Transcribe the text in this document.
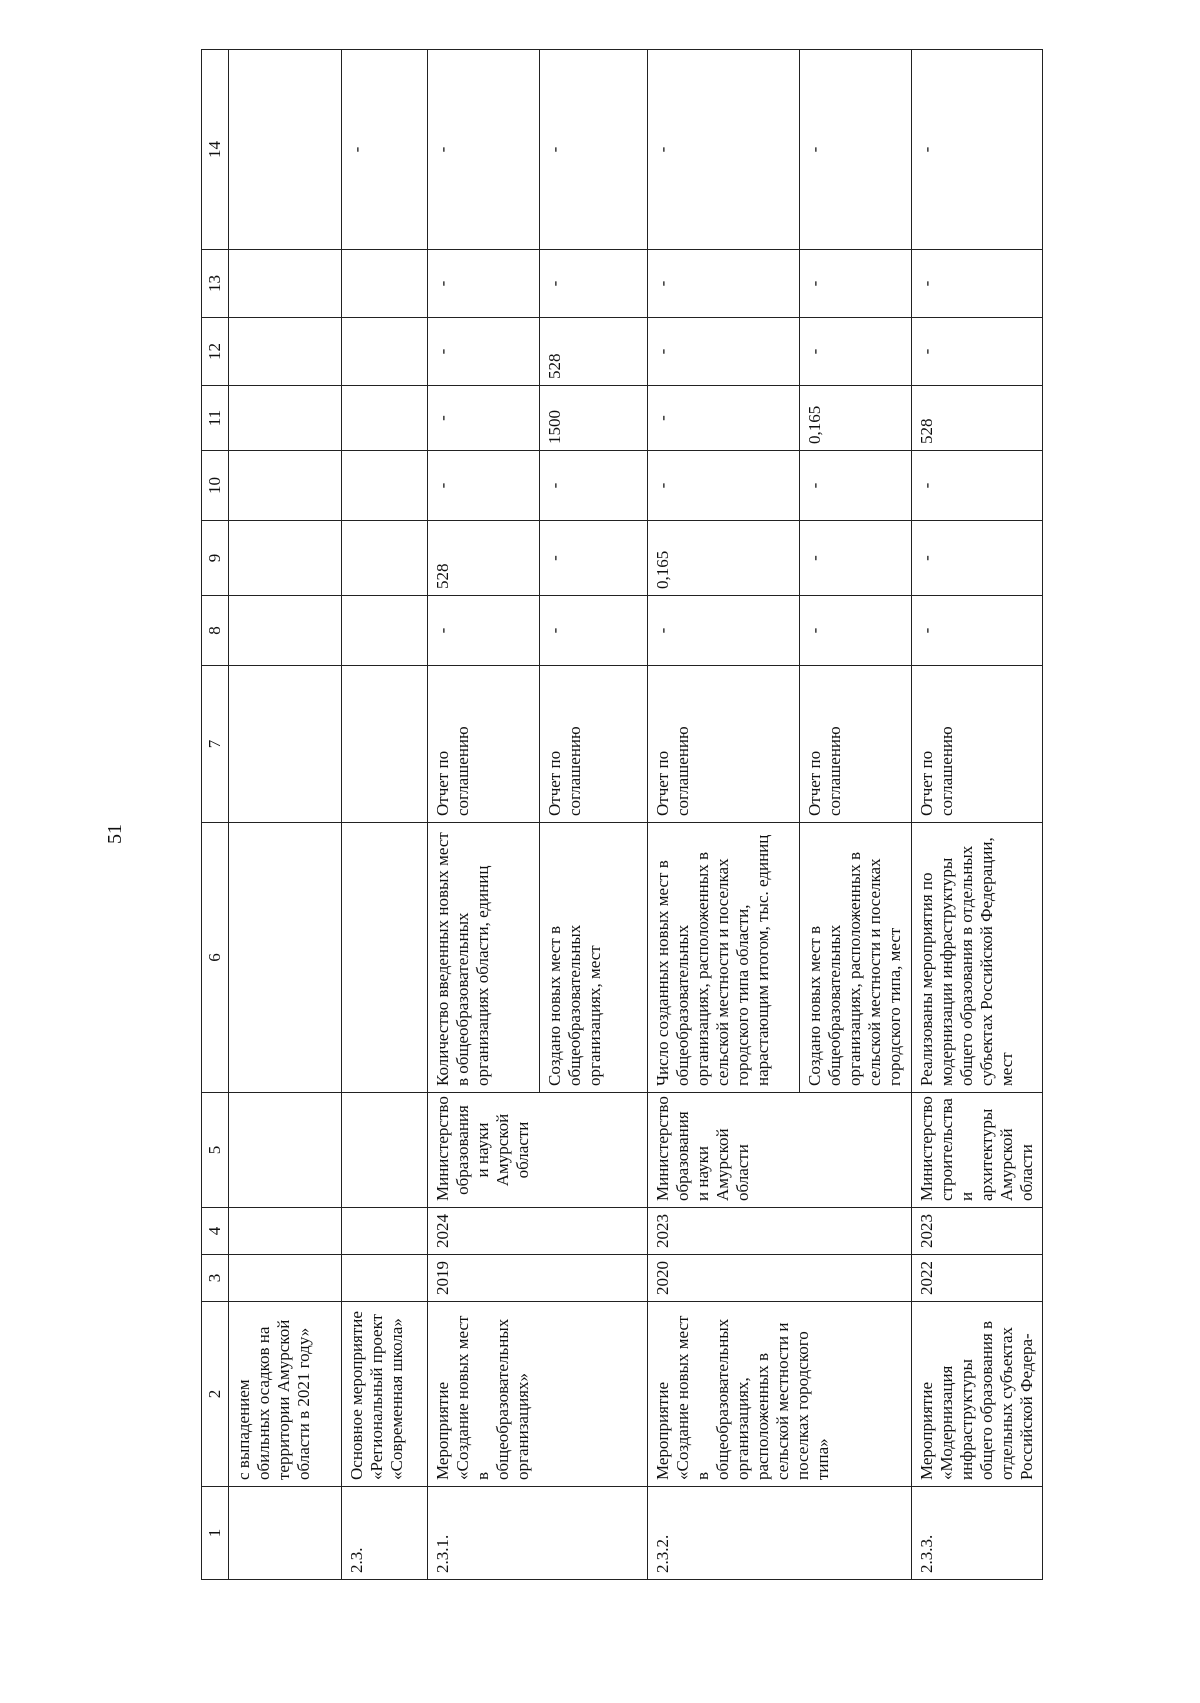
51
1	2	3	4	5	6	7	8	9	10	11	12	13	14
	с выпадением обильных осадков на территории Амурской области в 2021 году»												
2.3.	Основное мероприятие «Региональный проект «Современная школа»												-
2.3.1.	Мероприятие «Создание новых мест в общеобразовательных организациях»	2019	2024	Министерство образования и науки Амурской области	Количество введенных новых мест в общеобразовательных организациях области, единиц	Отчет по соглашению	-	528	-	-	-	-	-
					Создано новых мест в общеобразовательных организациях, мест	Отчет по соглашению	-	-	-	1500	528	-	-
2.3.2.	Мероприятие «Создание новых мест в общеобразовательных организациях, расположенных в сельской местности и поселках городского типа»	2020	2023	Министерство образования и науки Амурской области	Число созданных новых мест в общеобразовательных организациях, расположенных в сельской местности и поселках городского типа области, нарастающим итогом, тыс. единиц	Отчет по соглашению	-	0,165	-	-	-	-	-
					Создано новых мест в общеобразовательных организациях, расположенных в сельской местности и поселках городского типа, мест	Отчет по соглашению	-	-	-	0,165	-	-	-
2.3.3.	Мероприятие «Модернизация инфраструктуры общего образования в отдельных субъектах Российской Федера-	2022	2023	Министерство строительства и архитектуры Амурской области	Реализованы мероприятия по модернизации инфраструктуры общего образования в отдельных субъектах Российской Федерации, мест	Отчет по соглашению	-	-	-	528	-	-	-
